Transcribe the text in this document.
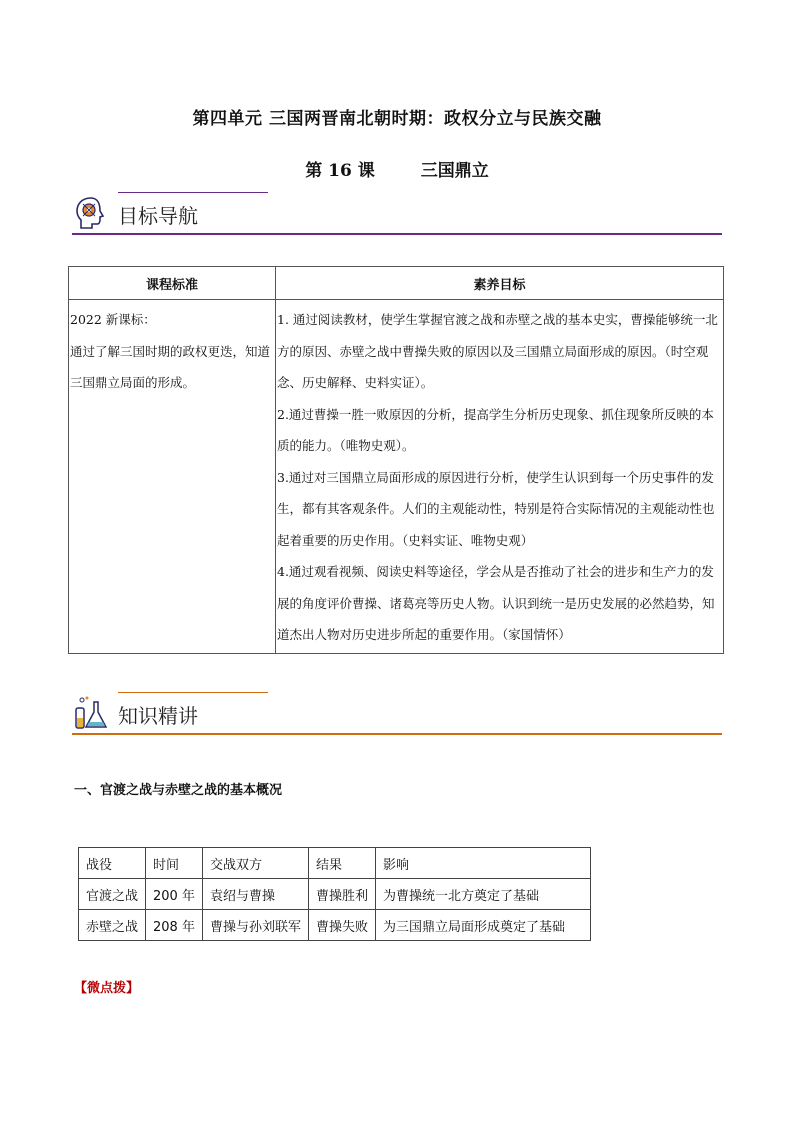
第四单元 三国两晋南北朝时期：政权分立与民族交融
第 16 课	三国鼎立
目标导航
课程标准	素养目标

2022 新课标：
通过了解三国时期的政权更迭，知道三国鼎立局面的形成。	1. 通过阅读教材，使学生掌握官渡之战和赤壁之战的基本史实，曹操能够统一北方的原因、赤壁之战中曹操失败的原因以及三国鼎立局面形成的原因。（时空观念、历史解释、史料实证）。
2.通过曹操一胜一败原因的分析，提高学生分析历史现象、抓住现象所反映的本质的能力。（唯物史观）。
3.通过对三国鼎立局面形成的原因进行分析，使学生认识到每一个历史事件的发生，都有其客观条件。人们的主观能动性，特别是符合实际情况的主观能动性也起着重要的历史作用。（史料实证、唯物史观）
4.通过观看视频、阅读史料等途径，学会从是否推动了社会的进步和生产力的发展的角度评价曹操、诸葛亮等历史人物。认识到统一是历史发展的必然趋势，知道杰出人物对历史进步所起的重要作用。（家国情怀）
知识精讲
一、官渡之战与赤壁之战的基本概况
战役	时间	交战双方	结果	影响
官渡之战	200 年	袁绍与曹操	曹操胜利	为曹操统一北方奠定了基础
赤壁之战	208 年	曹操与孙刘联军	曹操失败	为三国鼎立局面形成奠定了基础
【微点拨】
